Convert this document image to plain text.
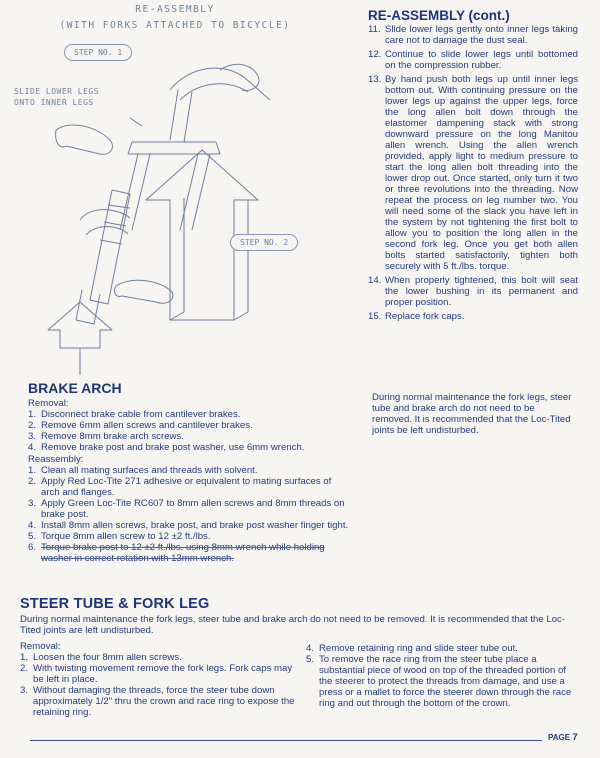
RE-ASSEMBLY
(WITH FORKS ATTACHED TO BICYCLE)
STEP NO. 1
STEP NO. 2
SLIDE LOWER LEGS
ONTO INNER LEGS
RE-ASSEMBLY (cont.)
11. Slide lower legs gently onto inner legs taking care not to damage the dust seal.
12. Continue to slide lower legs until bottomed on the compression rubber.
13. By hand push both legs up until inner legs bottom out. With continuing pressure on the lower legs up against the upper legs, force the long allen bolt down through the elastomer dampening stack with strong downward pressure on the long Manitou allen wrench. Using the allen wrench provided, apply light to medium pressure to start the long allen bolt threading into the lower drop out. Once started, only turn it two or three revolutions into the threading. Now repeat the process on leg number two. You will need some of the slack you have left in the system by not tightening the first bolt to allow you to position the long allen in the second fork leg. Once you get both allen bolts started satisfactorily, tighten both securely with 5 ft./lbs. torque.
14. When properly tightened, this bolt will seat the lower bushing in its permanent and proper position.
15. Replace fork caps.
During normal maintenance the fork legs, steer tube and brake arch do not need to be removed. It is recommended that the Loc-Tited joints be left undisturbed.
BRAKE ARCH
Removal:
1. Disconnect brake cable from cantilever brakes.
2. Remove 6mm allen screws and cantilever brakes.
3. Remove 8mm brake arch screws.
4. Remove brake post and brake post washer, use 6mm wrench.
Reassembly:
1. Clean all mating surfaces and threads with solvent.
2. Apply Red Loc-Tite 271 adhesive or equivalent to mating surfaces of arch and flanges.
3. Apply Green Loc-Tite RC607 to 8mm allen screws and 8mm threads on brake post.
4. Install 8mm allen screws, brake post, and brake post washer finger tight.
5. Torque 8mm allen screw to 12 ±2 ft./lbs.
6. Torque brake post to 12 ±2 ft./lbs. using 8mm wrench while holding washer in correct rotation with 13mm wrench.
STEER TUBE & FORK LEG
During normal maintenance the fork legs, steer tube and brake arch do not need to be removed. It is recommended that the Loc-Tited joints are left undisturbed.
Removal:
1. Loosen the four 8mm allen screws.
2. With twisting movement remove the fork legs. Fork caps may be left in place.
3. Without damaging the threads, force the steer tube down approximately 1/2" thru the crown and race ring to expose the retaining ring.
4. Remove retaining ring and slide steer tube out.
5. To remove the race ring from the steer tube place a substantial piece of wood on top of the threaded portion of the steerer to protect the threads from damage, and use a press or a mallet to force the steerer down through the race ring and out through the bottom of the crown.
PAGE 7
